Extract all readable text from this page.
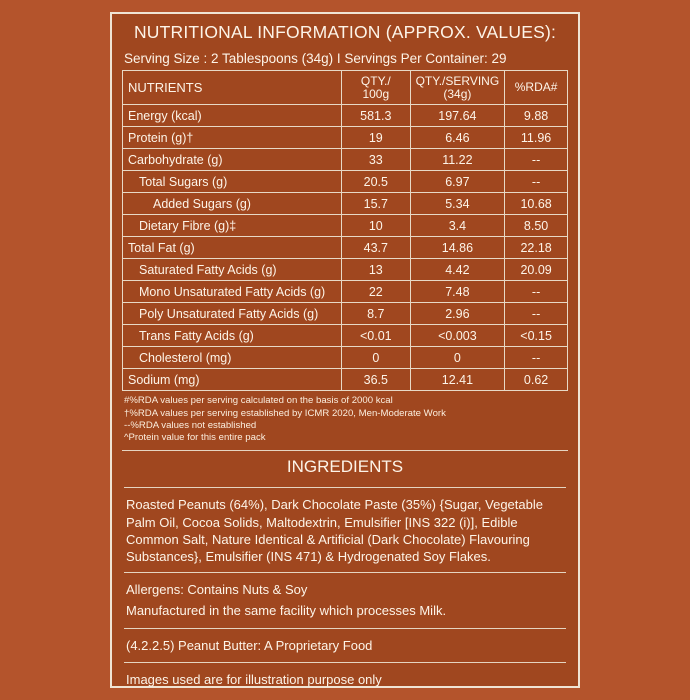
NUTRITIONAL INFORMATION (APPROX. VALUES):
Serving Size : 2 Tablespoons (34g) I Servings Per Container: 29
NUTRIENTS	QTY./ 100g	QTY./SERVING (34g)	%RDA#
Energy (kcal)	581.3	197.64	9.88
Protein (g)†	19	6.46	11.96
Carbohydrate (g)	33	11.22	--
Total Sugars (g)	20.5	6.97	--
Added Sugars (g)	15.7	5.34	10.68
Dietary Fibre (g)‡	10	3.4	8.50
Total Fat (g)	43.7	14.86	22.18
Saturated Fatty Acids (g)	13	4.42	20.09
Mono Unsaturated Fatty Acids (g)	22	7.48	--
Poly Unsaturated Fatty Acids (g)	8.7	2.96	--
Trans Fatty Acids (g)	<0.01	<0.003	<0.15
Cholesterol (mg)	0	0	--
Sodium (mg)	36.5	12.41	0.62
#%RDA values per serving calculated on the basis of 2000 kcal
†%RDA values per serving established by ICMR 2020, Men-Moderate Work
--%RDA values not established
^Protein value for this entire pack
INGREDIENTS
Roasted Peanuts (64%), Dark Chocolate Paste (35%) {Sugar, Vegetable Palm Oil, Cocoa Solids, Maltodextrin, Emulsifier [INS 322 (i)], Edible Common Salt, Nature Identical & Artificial (Dark Chocolate) Flavouring Substances}, Emulsifier (INS 471) & Hydrogenated Soy Flakes.
Allergens: Contains Nuts & Soy
Manufactured in the same facility which processes Milk.
(4.2.2.5) Peanut Butter: A Proprietary Food
Images used are for illustration purpose only
